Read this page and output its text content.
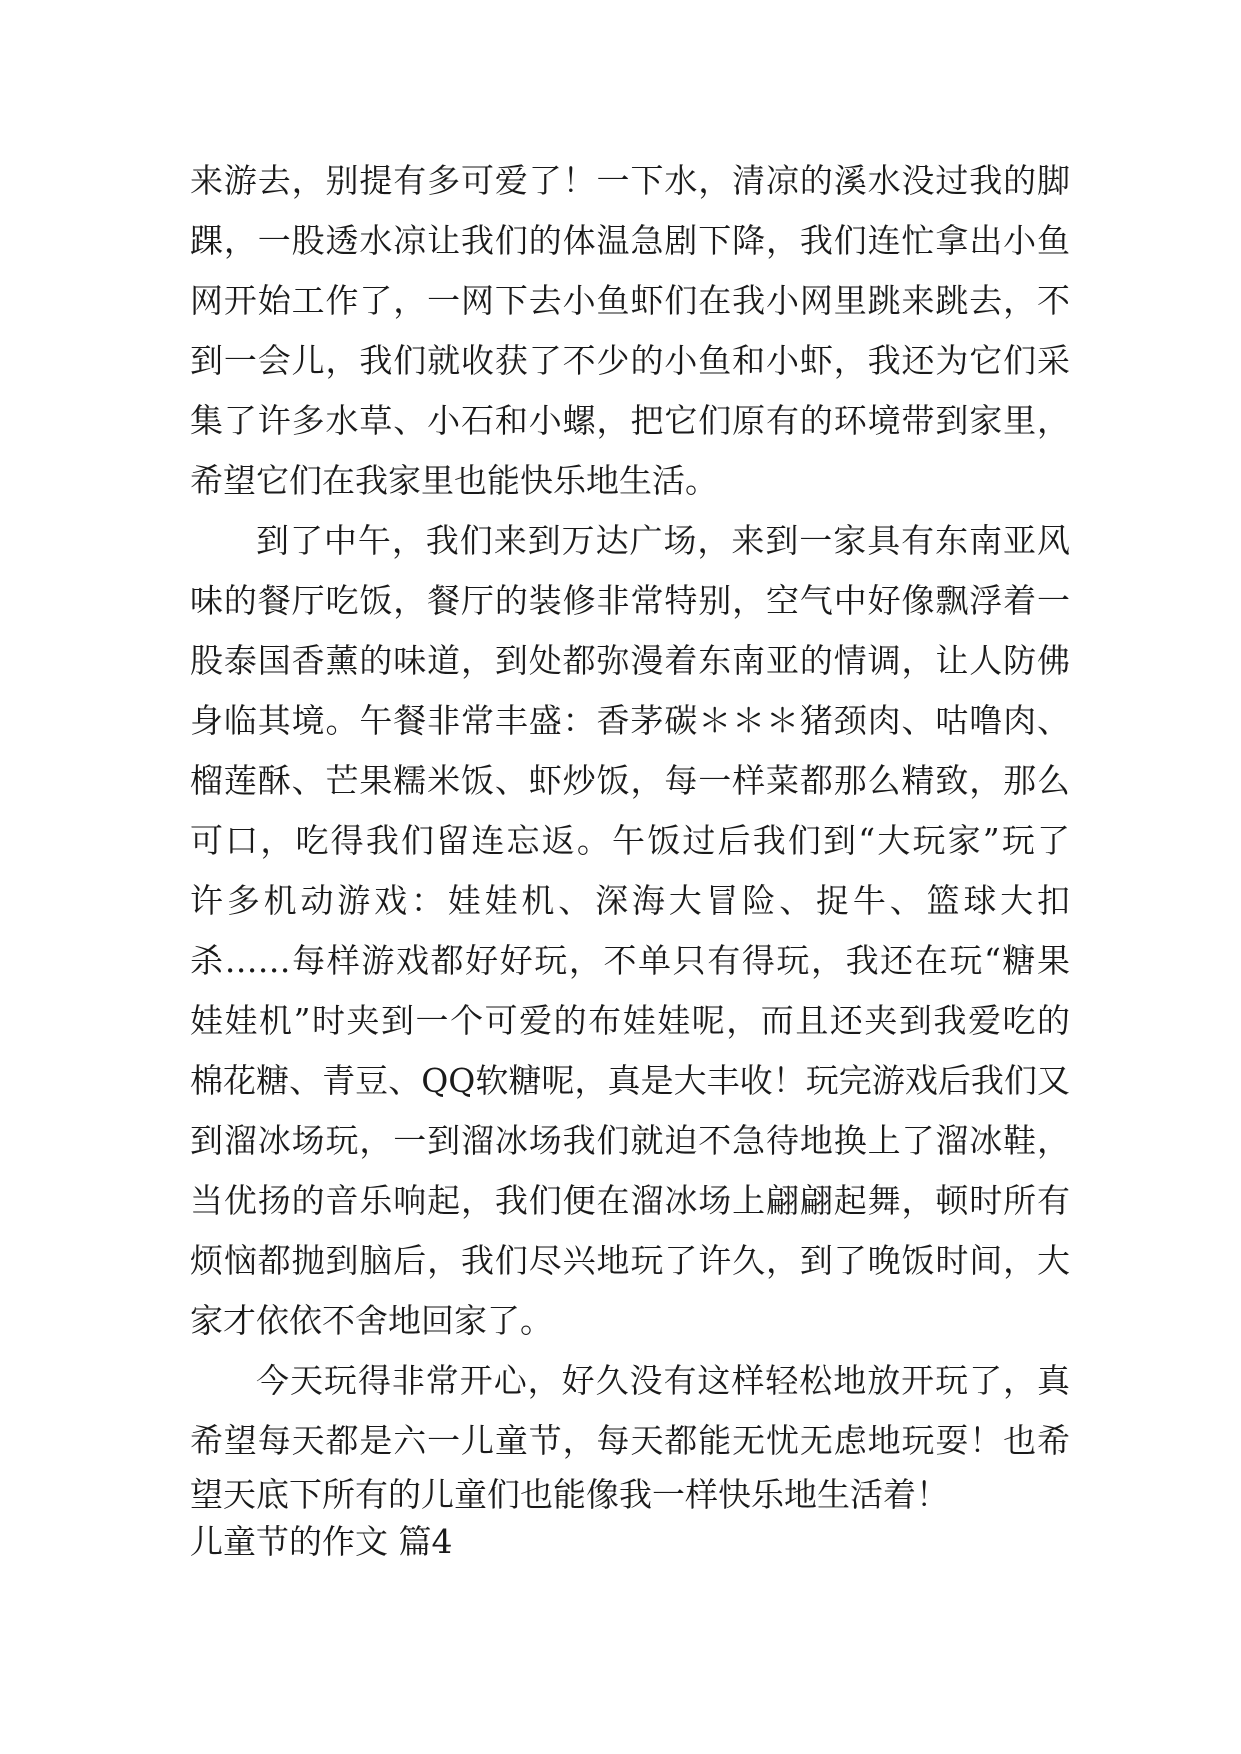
来游去，别提有多可爱了！一下水，清凉的溪水没过我的脚
踝，一股透水凉让我们的体温急剧下降，我们连忙拿出小鱼
网开始工作了，一网下去小鱼虾们在我小网里跳来跳去，不
到一会儿，我们就收获了不少的小鱼和小虾，我还为它们采
集了许多水草、小石和小螺，把它们原有的环境带到家里，
希望它们在我家里也能快乐地生活。
到了中午，我们来到万达广场，来到一家具有东南亚风
味的餐厅吃饭，餐厅的装修非常特别，空气中好像飘浮着一
股泰国香薰的味道，到处都弥漫着东南亚的情调，让人防佛
身临其境。午餐非常丰盛：香茅碳＊＊＊猪颈肉、咕噜肉、
榴莲酥、芒果糯米饭、虾炒饭，每一样菜都那么精致，那么
可口，吃得我们留连忘返。午饭过后我们到“大玩家”玩了
许多机动游戏：娃娃机、深海大冒险、捉牛、篮球大扣
杀……每样游戏都好好玩，不单只有得玩，我还在玩“糖果
娃娃机”时夹到一个可爱的布娃娃呢，而且还夹到我爱吃的
棉花糖、青豆、QQ软糖呢，真是大丰收！玩完游戏后我们又
到溜冰场玩，一到溜冰场我们就迫不急待地换上了溜冰鞋，
当优扬的音乐响起，我们便在溜冰场上翩翩起舞，顿时所有
烦恼都抛到脑后，我们尽兴地玩了许久，到了晚饭时间，大
家才依依不舍地回家了。
今天玩得非常开心，好久没有这样轻松地放开玩了，真
希望每天都是六一儿童节，每天都能无忧无虑地玩耍！也希
望天底下所有的儿童们也能像我一样快乐地生活着！
儿童节的作文 篇4
